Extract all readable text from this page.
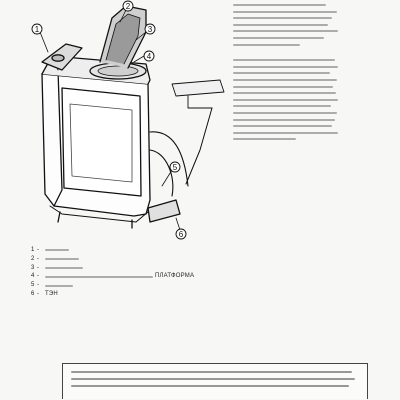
1
2
3
4
5
6
1 -
2 -
3 -
4 -	ПЛАТФОРМА
5 -
6 -	ТЭН
